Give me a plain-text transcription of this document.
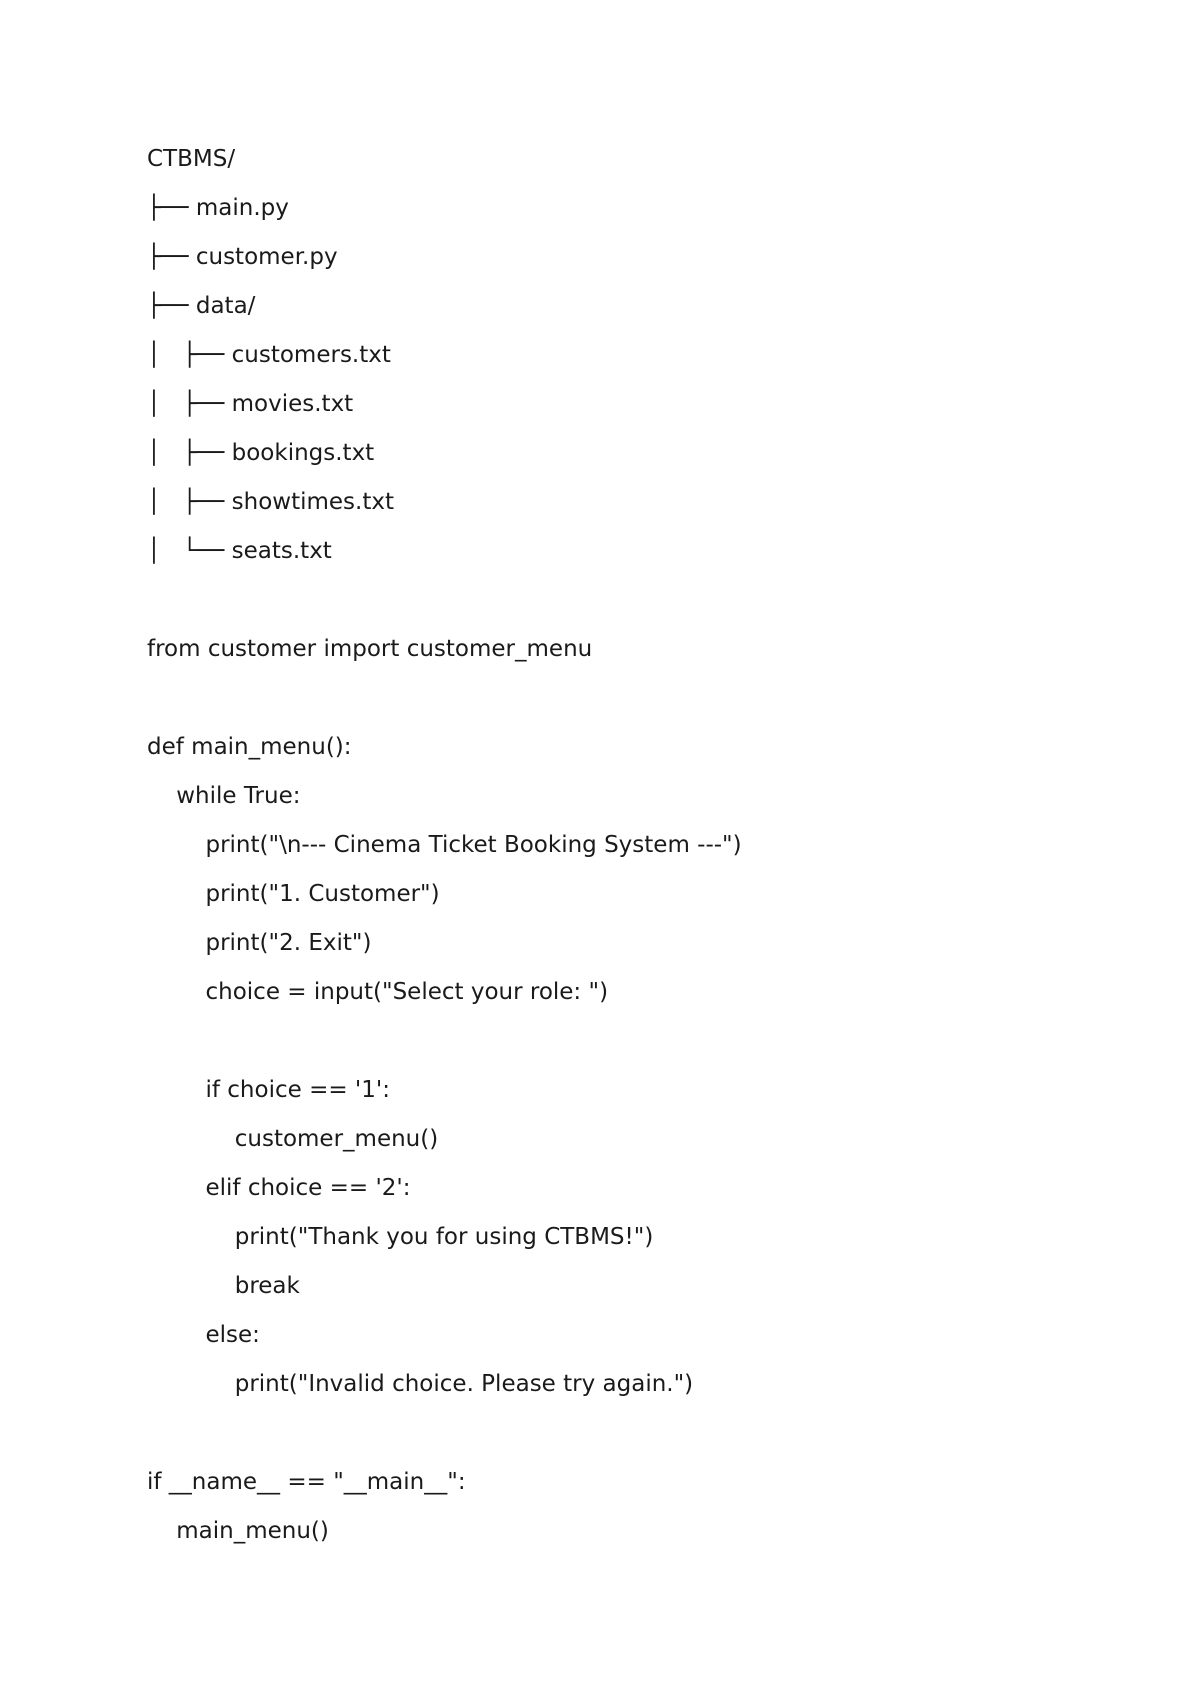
CTBMS/
├── main.py
├── customer.py
├── data/
│   ├── customers.txt
│   ├── movies.txt
│   ├── bookings.txt
│   ├── showtimes.txt
│   └── seats.txt
from customer import customer_menu
def main_menu():
while True:
print("\n--- Cinema Ticket Booking System ---")
print("1. Customer")
print("2. Exit")
choice = input("Select your role: ")
if choice == '1':
customer_menu()
elif choice == '2':
print("Thank you for using CTBMS!")
break
else:
print("Invalid choice. Please try again.")
if __name__ == "__main__":
main_menu()
